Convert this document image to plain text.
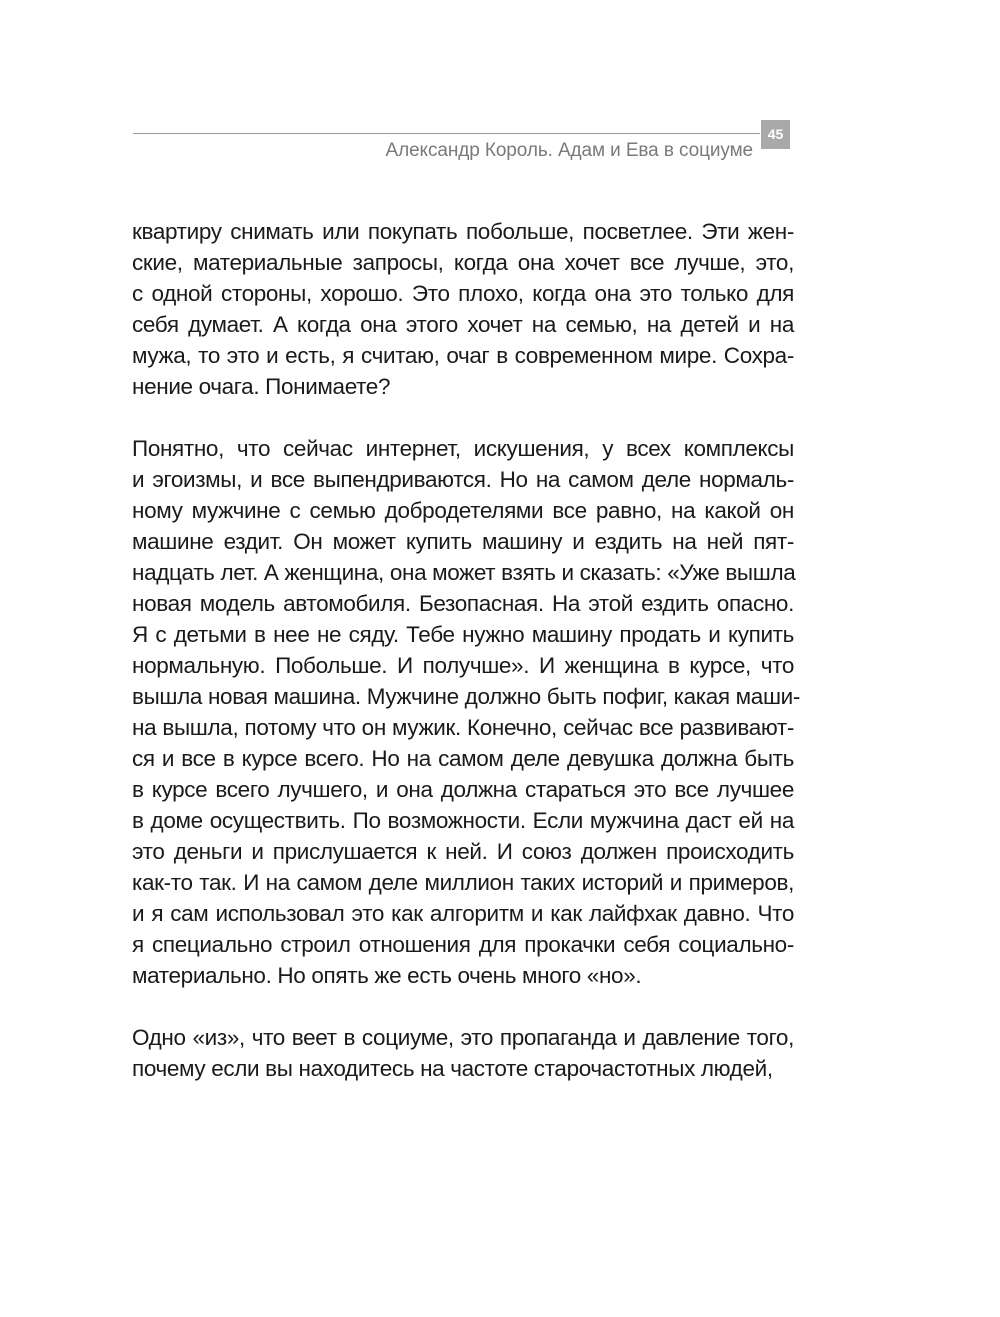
Александр Король. Адам и Ева в социуме
45
квартиру снимать или покупать побольше, посветлее. Эти жен-
ские, материальные запросы, когда она хочет все лучше, это,
с одной стороны, хорошо. Это плохо, когда она это только для
себя думает. А когда она этого хочет на семью, на детей и на
мужа, то это и есть, я считаю, очаг в современном мире. Сохра-
нение очага. Понимаете?
Понятно, что сейчас интернет, искушения, у всех комплексы
и эгоизмы, и все выпендриваются. Но на самом деле нормаль-
ному мужчине с семью добродетелями все равно, на какой он
машине ездит. Он может купить машину и ездить на ней пят-
надцать лет. А женщина, она может взять и сказать: «Уже вышла
новая модель автомобиля. Безопасная. На этой ездить опасно.
Я с детьми в нее не сяду. Тебе нужно машину продать и купить
нормальную. Побольше. И получше». И женщина в курсе, что
вышла новая машина. Мужчине должно быть пофиг, какая маши-
на вышла, потому что он мужик. Конечно, сейчас все развивают-
ся и все в курсе всего. Но на самом деле девушка должна быть
в курсе всего лучшего, и она должна стараться это все лучшее
в доме осуществить. По возможности. Если мужчина даст ей на
это деньги и прислушается к ней. И союз должен происходить
как-то так. И на самом деле миллион таких историй и примеров,
и я сам использовал это как алгоритм и как лайфхак давно. Что
я специально строил отношения для прокачки себя социально-
материально. Но опять же есть очень много «но».
Одно «из», что веет в социуме, это пропаганда и давление того,
почему если вы находитесь на частоте старочастотных людей,
